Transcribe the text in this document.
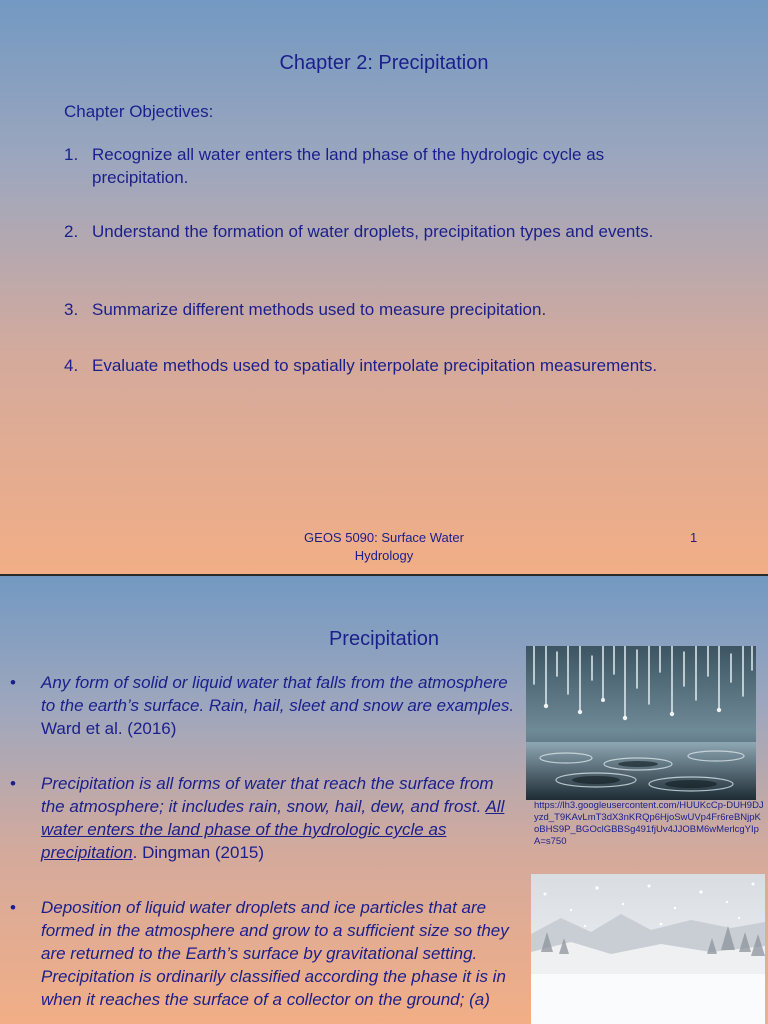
Chapter 2: Precipitation
Chapter Objectives:
1. Recognize all water enters the land phase of the hydrologic cycle as precipitation.
2. Understand the formation of water droplets, precipitation types and events.
3. Summarize different methods used to measure precipitation.
4. Evaluate methods used to spatially interpolate precipitation measurements.
GEOS 5090: Surface Water Hydrology
1
Precipitation
• Any form of solid or liquid water that falls from the atmosphere to the earth’s surface. Rain, hail, sleet and snow are examples. Ward et al. (2016)
• Precipitation is all forms of water that reach the surface from the atmosphere; it includes rain, snow, hail, dew, and frost. All water enters the land phase of the hydrologic cycle as precipitation. Dingman (2015)
• Deposition of liquid water droplets and ice particles that are formed in the atmosphere and grow to a sufficient size so they are returned to the Earth’s surface by gravitational setting. Precipitation is ordinarily classified according the phase it is in when it reaches the surface of a collector on the ground; (a)
https://lh3.googleusercontent.com/HUUKcCp-DUH9DJyzd_T9KAvLmT3dX3nKRQp6HjoSwUVp4Fr6reBNjpKoBHS9P_BGOclGBBSg491fjUv4JJOBM6wMerlcgYIpA=s750
